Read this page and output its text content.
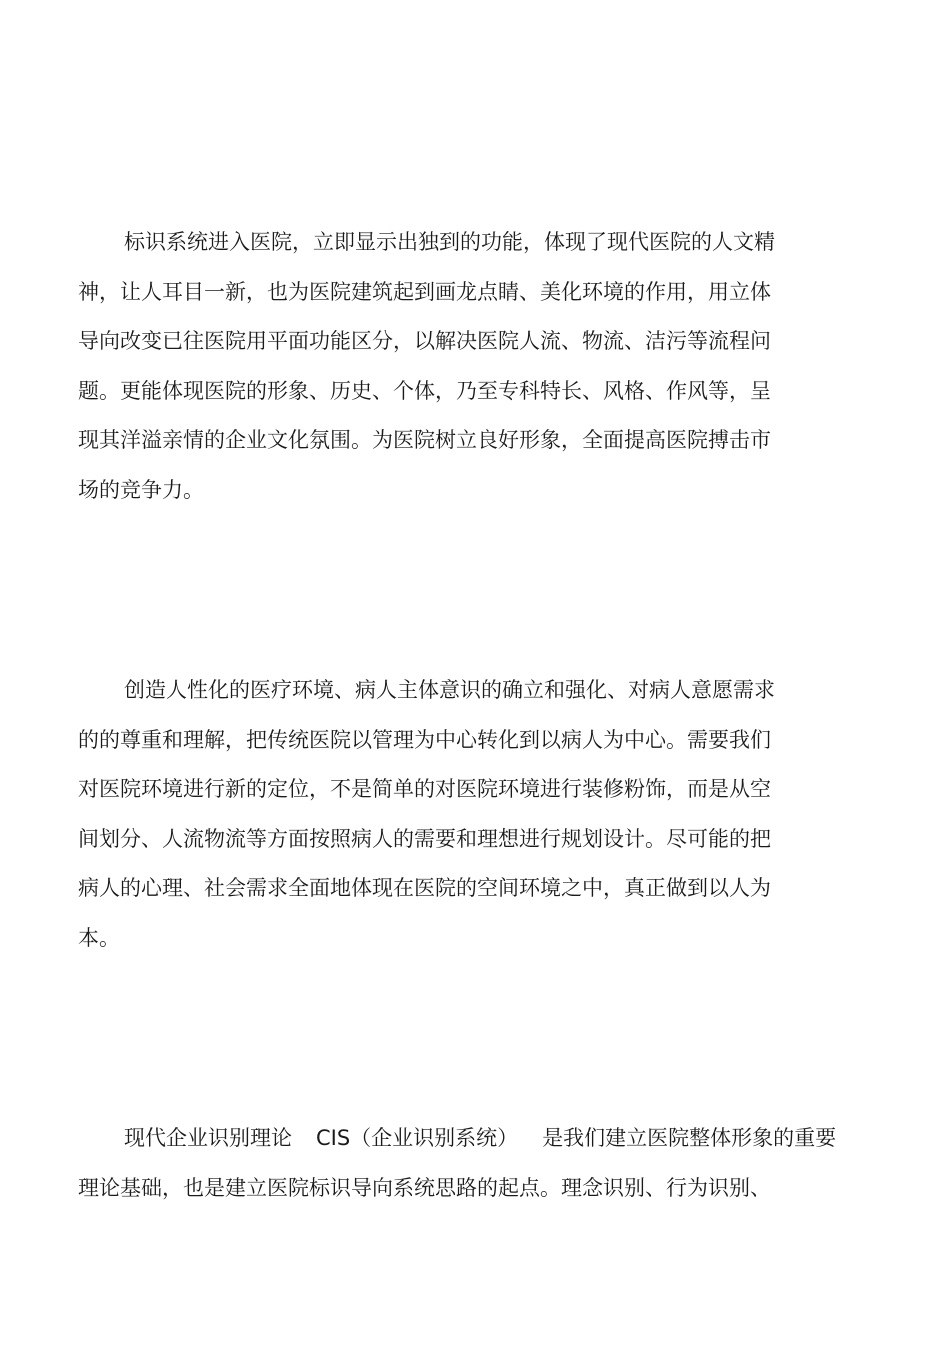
标识系统进入医院，立即显示出独到的功能，体现了现代医院的人文精
神，让人耳目一新，也为医院建筑起到画龙点睛、美化环境的作用，用立体
导向改变已往医院用平面功能区分，以解决医院人流、物流、洁污等流程问
题。更能体现医院的形象、历史、个体，乃至专科特长、风格、作风等，呈
现其洋溢亲情的企业文化氛围。为医院树立良好形象，全面提高医院搏击市
场的竞争力。
创造人性化的医疗环境、病人主体意识的确立和强化、对病人意愿需求
的的尊重和理解，把传统医院以管理为中心转化到以病人为中心。需要我们
对医院环境进行新的定位，不是简单的对医院环境进行装修粉饰，而是从空
间划分、人流物流等方面按照病人的需要和理想进行规划设计。尽可能的把
病人的心理、社会需求全面地体现在医院的空间环境之中，真正做到以人为
本。
现代企业识别理论 CIS（企业识别系统） 是我们建立医院整体形象的重要
理论基础，也是建立医院标识导向系统思路的起点。理念识别、行为识别、
